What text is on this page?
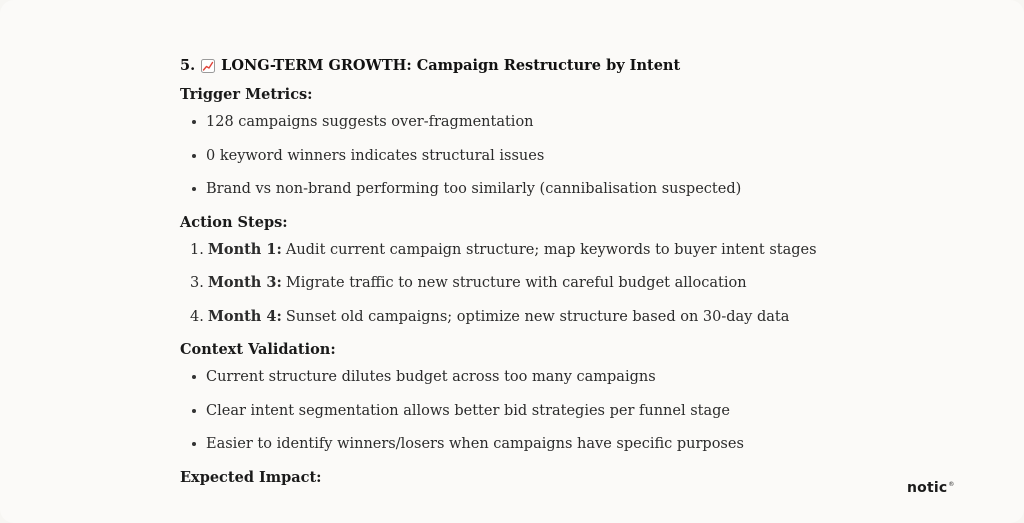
5. LONG-TERM GROWTH: Campaign Restructure by Intent
Trigger Metrics:
128 campaigns suggests over-fragmentation
0 keyword winners indicates structural issues
Brand vs non-brand performing too similarly (cannibalisation suspected)
Action Steps:
1. Month 1: Audit current campaign structure; map keywords to buyer intent stages
3. Month 3: Migrate traffic to new structure with careful budget allocation
4. Month 4: Sunset old campaigns; optimize new structure based on 30-day data
Context Validation:
Current structure dilutes budget across too many campaigns
Clear intent segmentation allows better bid strategies per funnel stage
Easier to identify winners/losers when campaigns have specific purposes
Expected Impact:
notic®
